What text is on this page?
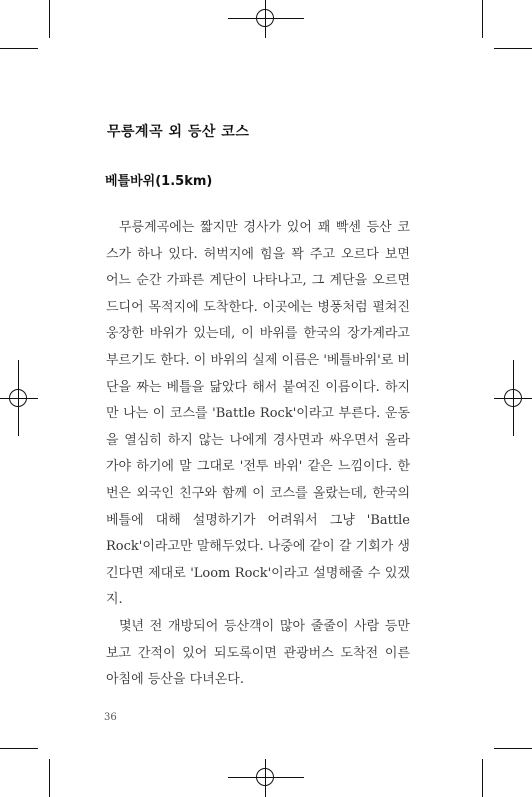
무릉계곡 외 등산 코스
베틀바위(1.5km)

무릉계곡에는 짧지만 경사가 있어 꽤 빡센 등산 코스가 하나 있다. 허벅지에 힘을 꽉 주고 오르다 보면 어느 순간 가파른 계단이 나타나고, 그 계단을 오르면 드디어 목적지에 도착한다. 이곳에는 병풍처럼 펼쳐진 웅장한 바위가 있는데, 이 바위를 한국의 장가계라고 부르기도 한다. 이 바위의 실제 이름은 '베틀바위'로 비단을 짜는 베틀을 닮았다 해서 붙여진 이름이다. 하지만 나는 이 코스를 'Battle Rock'이라고 부른다. 운동을 열심히 하지 않는 나에게 경사면과 싸우면서 올라가야 하기에 말 그대로 '전투 바위' 같은 느낌이다. 한번은 외국인 친구와 함께 이 코스를 올랐는데, 한국의 베틀에 대해 설명하기가 어려워서 그냥 'Battle Rock'이라고만 말해두었다. 나중에 같이 갈 기회가 생긴다면 제대로 'Loom Rock'이라고 설명해줄 수 있겠지.

몇년 전 개방되어 등산객이 많아 줄줄이 사람 등만 보고 간적이 있어 되도록이면 관광버스 도착전 이른 아침에 등산을 다녀온다.

36
